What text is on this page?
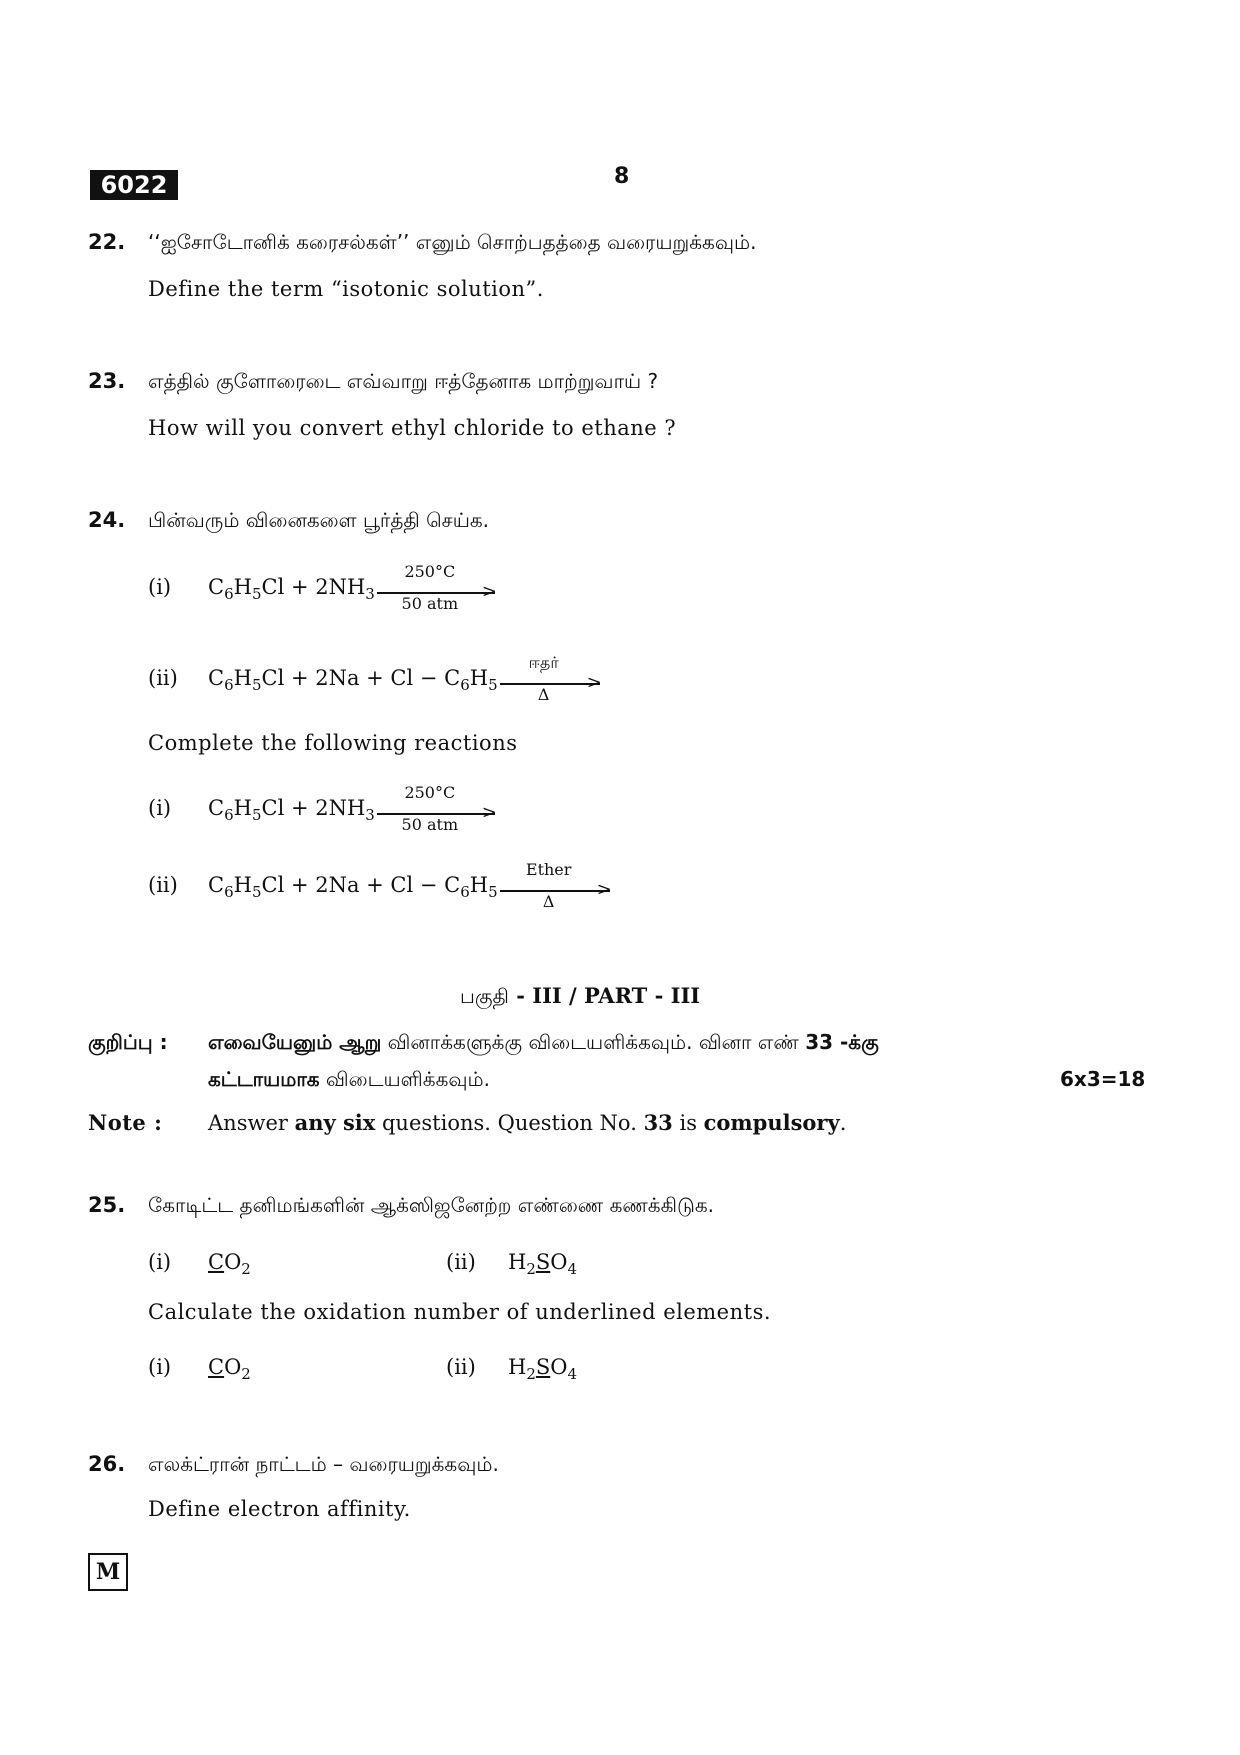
6022	8
22. ‘‘ஐசோடோனிக் கரைசல்கள்’’ எனும் சொற்பதத்தை வரையறுக்கவும்.
Define the term “isotonic solution”.
23. எத்தில் குளோரைடை எவ்வாறு ஈத்தேனாக மாற்றுவாய் ?
How will you convert ethyl chloride to ethane ?
24. பின்வரும் வினைகளை பூர்த்தி செய்க.
(i) $C_6H_5Cl + 2NH_3$
250°C
>
50 atm
(ii) $C_6H_5Cl + 2Na + Cl - C_6H_5$
ஈதர்
>
Δ
Complete the following reactions
(i) $C_6H_5Cl + 2NH_3$
250°C
>
50 atm
(ii) $C_6H_5Cl + 2Na + Cl - C_6H_5$
Ether
>
Δ
பகுதி - III / PART - III
குறிப்பு : எவையேனும் ஆறு வினாக்களுக்கு விடையளிக்கவும். வினா எண் 33 -க்கு
கட்டாயமாக விடையளிக்கவும்.	6x3=18
Note : Answer any six questions. Question No. 33 is compulsory.
25. கோடிட்ட தனிமங்களின் ஆக்ஸிஜனேற்ற எண்ணை கணக்கிடுக.
(i) $CO_2$	(ii) $H_2SO_4$
Calculate the oxidation number of underlined elements.
(i) $CO_2$	(ii) $H_2SO_4$
26. எலக்ட்ரான் நாட்டம் – வரையறுக்கவும்.
Define electron affinity.
M
